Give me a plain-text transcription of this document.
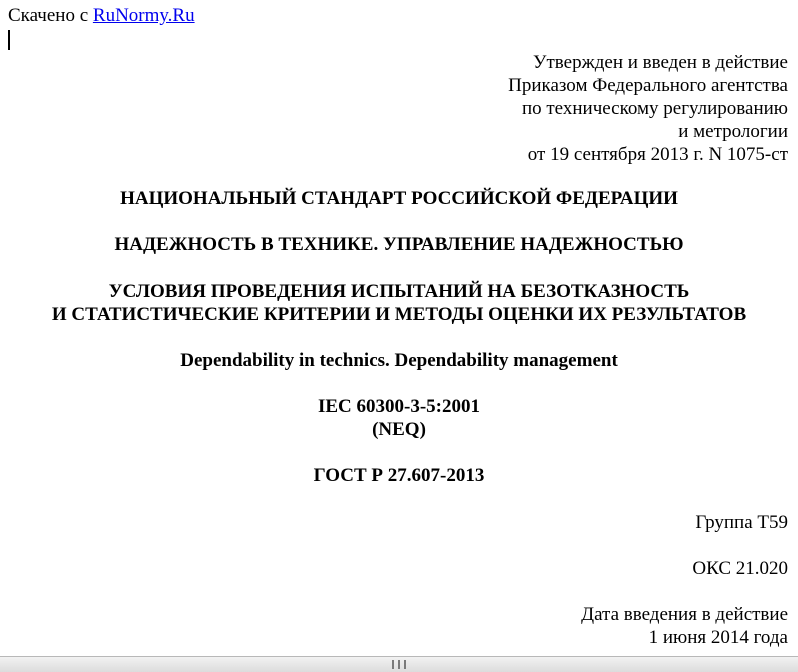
Скачено с RuNormy.Ru
Утвержден и введен в действие
Приказом Федерального агентства
по техническому регулированию
и метрологии
от 19 сентября 2013 г. N 1075-ст
НАЦИОНАЛЬНЫЙ СТАНДАРТ РОССИЙСКОЙ ФЕДЕРАЦИИ
НАДЕЖНОСТЬ В ТЕХНИКЕ. УПРАВЛЕНИЕ НАДЕЖНОСТЬЮ
УСЛОВИЯ ПРОВЕДЕНИЯ ИСПЫТАНИЙ НА БЕЗОТКАЗНОСТЬ
И СТАТИСТИЧЕСКИЕ КРИТЕРИИ И МЕТОДЫ ОЦЕНКИ ИХ РЕЗУЛЬТАТОВ
Dependability in technics. Dependability management
IEC 60300-3-5:2001
(NEQ)
ГОСТ Р 27.607-2013
Группа Т59
ОКС 21.020
Дата введения в действие
1 июня 2014 года
